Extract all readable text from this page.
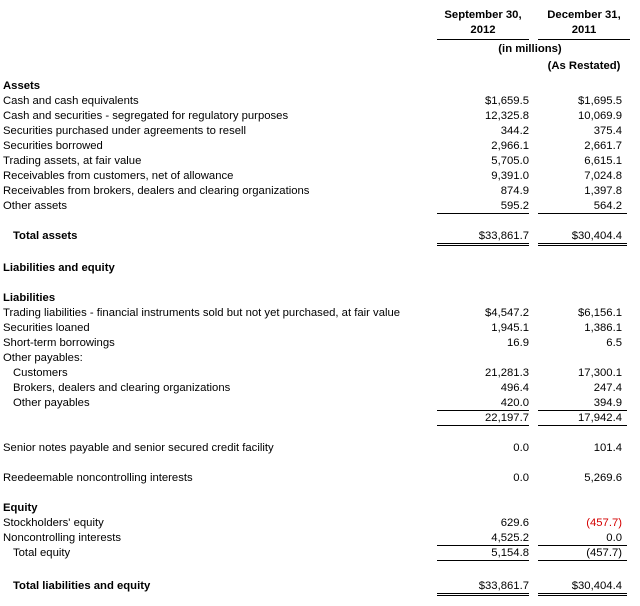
September 30,
2012
December 31,
2011
(in millions)
(As Restated)
Assets
Cash and cash equivalents	$1,659.5	$1,695.5
Cash and securities - segregated for regulatory purposes	12,325.8	10,069.9
Securities purchased under agreements to resell	344.2	375.4
Securities borrowed	2,966.1	2,661.7
Trading assets, at fair value	5,705.0	6,615.1
Receivables from customers, net of allowance	9,391.0	7,024.8
Receivables from brokers, dealers and clearing organizations	874.9	1,397.8
Other assets	595.2	564.2
Total assets	$33,861.7	$30,404.4
Liabilities and equity
Liabilities
Trading liabilities - financial instruments sold but not yet purchased, at fair value	$4,547.2	$6,156.1
Securities loaned	1,945.1	1,386.1
Short-term borrowings	16.9	6.5
Other payables:
Customers	21,281.3	17,300.1
Brokers, dealers and clearing organizations	496.4	247.4
Other payables	420.0	394.9
22,197.7	17,942.4
Senior notes payable and senior secured credit facility	0.0	101.4
Reedeemable noncontrolling interests	0.0	5,269.6
Equity
Stockholders' equity	629.6	(457.7)
Noncontrolling interests	4,525.2	0.0
Total equity	5,154.8	(457.7)
Total liabilities and equity	$33,861.7	$30,404.4
